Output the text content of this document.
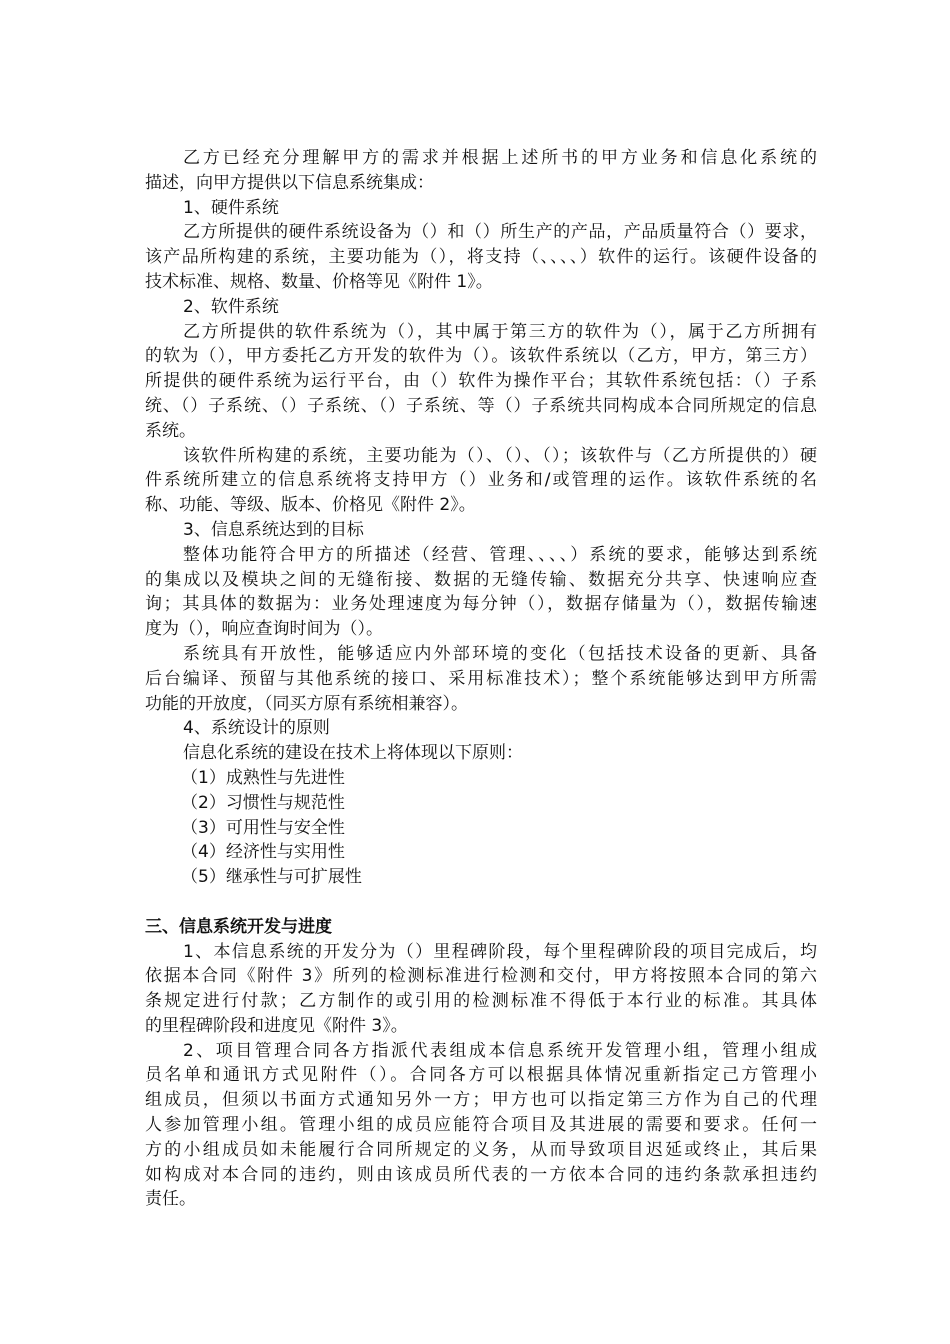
乙方已经充分理解甲方的需求并根据上述所书的甲方业务和信息化系统的
描述，向甲方提供以下信息系统集成：
1、硬件系统
乙方所提供的硬件系统设备为（）和（）所生产的产品，产品质量符合（）要求，
该产品所构建的系统，主要功能为（），将支持（、、、、）软件的运行。该硬件设备的
技术标准、规格、数量、价格等见《附件 1》。
2、软件系统
乙方所提供的软件系统为（），其中属于第三方的软件为（），属于乙方所拥有
的软为（），甲方委托乙方开发的软件为（）。该软件系统以（乙方，甲方，第三方）
所提供的硬件系统为运行平台，由（）软件为操作平台；其软件系统包括：（）子系
统、（）子系统、（）子系统、（）子系统、等（）子系统共同构成本合同所规定的信息
系统。
该软件所构建的系统，主要功能为（）、（）、（）；该软件与（乙方所提供的）硬
件系统所建立的信息系统将支持甲方（）业务和/或管理的运作。该软件系统的名
称、功能、等级、版本、价格见《附件 2》。
3、信息系统达到的目标
整体功能符合甲方的所描述（经营、管理、、、、）系统的要求，能够达到系统
的集成以及模块之间的无缝衔接、数据的无缝传输、数据充分共享、快速响应查
询；其具体的数据为：业务处理速度为每分钟（），数据存储量为（），数据传输速
度为（），响应查询时间为（）。
系统具有开放性，能够适应内外部环境的变化（包括技术设备的更新、具备
后台编译、预留与其他系统的接口、采用标准技术）；整个系统能够达到甲方所需
功能的开放度，（同买方原有系统相兼容）。
4、系统设计的原则
信息化系统的建设在技术上将体现以下原则：
（1）成熟性与先进性
（2）习惯性与规范性
（3）可用性与安全性
（4）经济性与实用性
（5）继承性与可扩展性
三、信息系统开发与进度
1、本信息系统的开发分为（）里程碑阶段，每个里程碑阶段的项目完成后，均
依据本合同《附件 3》所列的检测标准进行检测和交付，甲方将按照本合同的第六
条规定进行付款；乙方制作的或引用的检测标准不得低于本行业的标准。其具体
的里程碑阶段和进度见《附件 3》。
2、项目管理合同各方指派代表组成本信息系统开发管理小组，管理小组成
员名单和通讯方式见附件（）。合同各方可以根据具体情况重新指定己方管理小
组成员，但须以书面方式通知另外一方；甲方也可以指定第三方作为自己的代理
人参加管理小组。管理小组的成员应能符合项目及其进展的需要和要求。任何一
方的小组成员如未能履行合同所规定的义务，从而导致项目迟延或终止，其后果
如构成对本合同的违约，则由该成员所代表的一方依本合同的违约条款承担违约
责任。
